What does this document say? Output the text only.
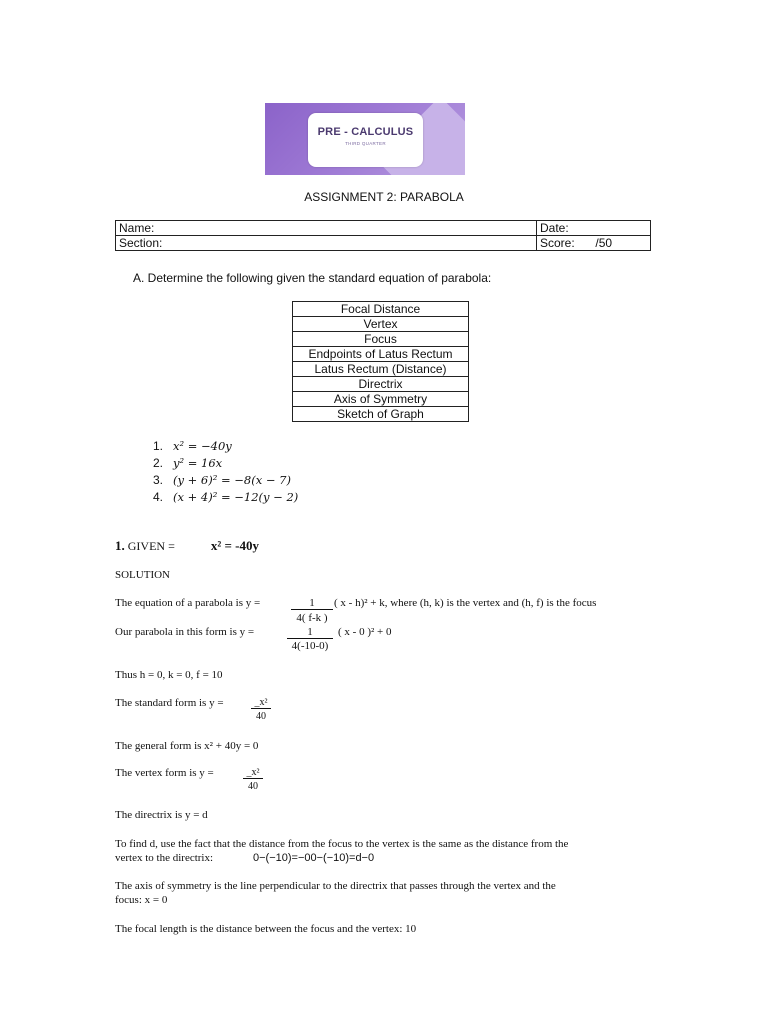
PRE - CALCULUS
THIRD QUARTER
ASSIGNMENT 2: PARABOLA
Name:	Date:
Section:	Score: /50
A. Determine the following given the standard equation of parabola:
Focal Distance
Vertex
Focus
Endpoints of Latus Rectum
Latus Rectum (Distance)
Directrix
Axis of Symmetry
Sketch of Graph
1. x² = −40y
2. y² = 16x
3. (y + 6)² = −8(x − 7)
4. (x + 4)² = −12(y − 2)
1. GIVEN =	x² = -40y
SOLUTION
The equation of a parabola is y =	1
4( f-k )
( x - h)² + k, where (h, k) is the vertex and (h, f) is the focus
Our parabola in this form is y =	1
4(-10-0)
( x - 0 )² + 0
Thus h = 0, k = 0, f = 10
The standard form is y =	_x²
40
The general form is x² + 40y = 0
The vertex form is y =	_x²
40
The directrix is y = d
To find d, use the fact that the distance from the focus to the vertex is the same as the distance from the
vertex to the directrix:	0−(−10)=−00−(−10)=d−0
The axis of symmetry is the line perpendicular to the directrix that passes through the vertex and the
focus: x = 0
The focal length is the distance between the focus and the vertex: 10
